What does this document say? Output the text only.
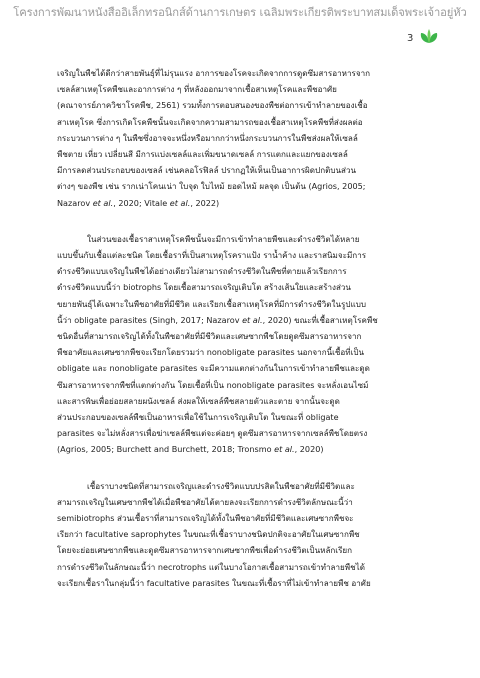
โครงการพัฒนาหนังสืออิเล็กทรอนิกส์ด้านการเกษตร เฉลิมพระเกียรติพระบาทสมเด็จพระเจ้าอยู่หัว
3
เจริญในพืชได้ดีกว่าสายพันธุ์ที่ไม่รุนแรง อาการของโรคจะเกิดจากการดูดซึมสารอาหารจาก
เซลล์สาเหตุโรคพืชและอาการต่าง ๆ ที่หลังออกมาจากเชื้อสาเหตุโรคและพืชอาศัย
(คณาจารย์ภาควิชาโรคพืช, 2561) รวมทั้งการตอบสนองของพืชต่อการเข้าทำลายของเชื้อ
สาเหตุโรค ซึ่งการเกิดโรคพืชนั้นจะเกิดจากความสามารถของเชื้อสาเหตุโรคพืชที่ส่งผลต่อ
กระบวนการต่าง ๆ ในพืชซึ่งอาจจะหนึ่งหรือมากกว่าหนึ่งกระบวนการในพืชส่งผลให้เซลล์
พืชตาย เหี่ยว เปลี่ยนสี มีการแบ่งเซลล์และเพิ่มขนาดเซลล์ การแตกและแยกของเซลล์
มีการลดส่วนประกอบของเซลล์ เช่นคลอโรฟิลล์ ปรากฏให้เห็นเป็นอาการผิดปกติบนส่วน
ต่างๆ ของพืช เช่น รากเน่าโคนเน่า ใบจุด ใบไหม้ ยอดไหม้ ผลจุด เป็นต้น (Agrios, 2005;
Nazarov et al., 2020; Vitale et al., 2022)
ในส่วนของเชื้อราสาเหตุโรคพืชนั้นจะมีการเข้าทำลายพืชและดำรงชีวิตได้หลาย
แบบขึ้นกับเชื้อแต่ละชนิด โดยเชื้อราที่เป็นสาเหตุโรคราแป้ง ราน้ำค้าง และราสนิมจะมีการ
ดำรงชีวิตแบบเจริญในพืชได้อย่างเดียวไม่สามารถดำรงชีวิตในพืชที่ตายแล้วเรียกการ
ดำรงชีวิตแบบนี้ว่า biotrophs โดยเชื้อสามารถเจริญเติบโต สร้างเส้นใยและสร้างส่วน
ขยายพันธุ์ได้เฉพาะในพืชอาศัยที่มีชีวิต และเรียกเชื้อสาเหตุโรคที่มีการดำรงชีวิตในรูปแบบ
นี้ว่า obligate parasites (Singh, 2017; Nazarov et al., 2020) ขณะที่เชื้อสาเหตุโรคพืช
ชนิดอื่นที่สามารถเจริญได้ทั้งในพืชอาศัยที่มีชีวิตและเศษซากพืชโดยดูดซึมสารอาหารจาก
พืชอาศัยและเศษซากพืชจะเรียกโดยรวมว่า nonobligate parasites นอกจากนี้เชื้อที่เป็น
obligate และ nonobligate parasites จะมีความแตกต่างกันในการเข้าทำลายพืชและดูด
ซึมสารอาหารจากพืชที่แตกต่างกัน โดยเชื้อที่เป็น nonobligate parasites จะหลั่งเอนไซม์
และสารพิษเพื่อย่อยสลายผนังเซลล์ ส่งผลให้เซลล์พืชสลายตัวและตาย จากนั้นจะดูด
ส่วนประกอบของเซลล์พืชเป็นอาหารเพื่อใช้ในการเจริญเติบโต ในขณะที่ obligate
parasites จะไม่หลั่งสารเพื่อฆ่าเซลล์พืชแต่จะค่อยๆ ดูดซึมสารอาหารจากเซลล์พืชโดยตรง
(Agrios, 2005; Burchett and Burchett, 2018; Tronsmo et al., 2020)
เชื้อราบางชนิดที่สามารถเจริญและดำรงชีวิตแบบปรสิตในพืชอาศัยที่มีชีวิตและ
สามารถเจริญในเศษซากพืชได้เมื่อพืชอาศัยได้ตายลงจะเรียกการดำรงชีวิตลักษณะนี้ว่า
semibiotrophs ส่วนเชื้อราที่สามารถเจริญได้ทั้งในพืชอาศัยที่มีชีวิตและเศษซากพืชจะ
เรียกว่า facultative saprophytes ในขณะที่เชื้อราบางชนิดปกติจะอาศัยในเศษซากพืช
โดยจะย่อยเศษซากพืชและดูดซึมสารอาหารจากเศษซากพืชเพื่อดำรงชีวิตเป็นหลักเรียก
การดำรงชีวิตในลักษณะนี้ว่า necrotrophs แต่ในบางโอกาสเชื้อสามารถเข้าทำลายพืชได้
จะเรียกเชื้อราในกลุ่มนี้ว่า facultative parasites ในขณะที่เชื้อราที่ไม่เข้าทำลายพืช อาศัย
